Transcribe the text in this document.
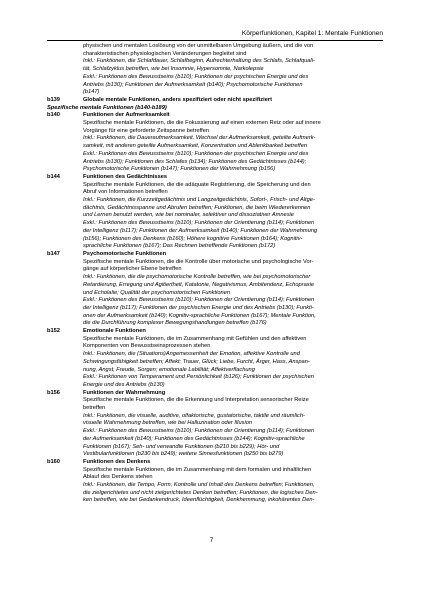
Körperfunktionen, Kapitel 1: Mentale Funktionen
physischen und mentalen Loslösung von der unmittelbaren Umgebung äußern, und die von
charakteristischen physiologischen Veränderungen begleitet sind
Inkl.: Funktionen, die Schlafdauer, Schlafbeginn, Aufrechterhaltung des Schlafs, Schlafquali-
tät, Schlafzyklus betreffen, wie bei Insomnie, Hypersomnie, Narkolepsie
Exkl.: Funktionen des Bewusstseins (b110); Funktionen der psychischen Energie und des
Antriebs (b130); Funktionen der Aufmerksamkeit (b140); Psychomotorische Funktionen
(b147)
b139	Globale mentale Funktionen, anders spezifiziert oder nicht spezifiziert
Spezifische mentale Funktionen (b140-b189)
b140	Funktionen der Aufmerksamkeit
Spezifische mentale Funktionen, die die Fokussierung auf einen externen Reiz oder auf innere
Vorgänge für eine geforderte Zeitspanne betreffen
Inkl.: Funktionen, die Daueraufmerksamkeit, Wechsel der Aufmerksamkeit, geteilte Aufmerk-
samkeit, mit anderen geteilte Aufmerksamkeit, Konzentration und Ablenkbarkeit betreffen
Exkl.: Funktionen des Bewusstseins (b110); Funktionen der psychischen Energie und des
Antriebs (b130); Funktionen des Schlafes (b134); Funktionen des Gedächtnisses (b144);
Psychomotorische Funktionen (b147); Funktionen der Wahrnehmung (b156)
b144	Funktionen des Gedächtnisses
Spezifische mentale Funktionen, die die adäquate Registrierung, die Speicherung und den
Abruf von Informationen betreffen
Inkl.: Funktionen, die Kurzzeitgedächtnis und Langzeitgedächtnis, Sofort-, Frisch- und Altge-
dächtnis, Gedächtnisspanne und Abrufen betreffen; Funktionen, die beim Wiedererkennen
und Lernen benutzt werden, wie bei nominaler, selektiver und dissoziativer Amnesie
Exkl.: Funktionen des Bewusstseins (b110); Funktionen der Orientierung (b114); Funktionen
der Intelligenz (b117); Funktionen der Aufmerksamkeit (b140); Funktionen der Wahrnehmung
(b156); Funktionen des Denkens (b160); Höhere kognitive Funktionen (b164); Kognitiv-
sprachliche Funktionen (b167); Das Rechnen betreffende Funktionen (b172)
b147	Psychomotorische Funktionen
Spezifische mentale Funktionen, die die Kontrolle über motorische und psychologische Vor-
gänge auf körperlicher Ebene betreffen
Inkl.: Funktionen, die die psychomotorische Kontrolle betreffen, wie bei psychomotorischer
Retardierung, Erregung und Agitiertheit, Katatonie, Negativismus, Ambitendenz, Echopraxie
und Echolalie; Qualität der psychomotorischen Funktionen
Exkl.: Funktionen des Bewusstseins (b110); Funktionen der Orientierung (b114); Funktionen
der Intelligenz (b117); Funktionen der psychischen Energie und des Antriebs (b130); Funkti-
onen der Aufmerksamkeit (b140); Kognitiv-sprachliche Funktionen (b167); Mentale Funktion,
die die Durchführung komplexer Bewegungshandlungen betreffen (b176)
b152	Emotionale Funktionen
Spezifische mentale Funktionen, die im Zusammenhang mit Gefühlen und den affektiven
Komponenten von Bewusstseinsprozessen stehen
Inkl.: Funktionen, die (Situations)Angemessenheit der Emotion, affektive Kontrolle und
Schwingungsfähigkeit betreffen; Affekt; Trauer, Glück; Liebe, Furcht, Ärger, Hass, Anspan-
nung, Angst, Freude, Sorgen; emotionale Labilität; Affektverflachung
Exkl.: Funktionen von Temperament und Persönlichkeit (b126); Funktionen der psychischen
Energie und des Antriebs (b130)
b156	Funktionen der Wahrnehmung
Spezifische mentale Funktionen, die die Erkennung und Interpretation sensorischer Reize
betreffen
Inkl.: Funktionen, die visuelle, auditive, olfaktorische, gustatorische, taktile und räumlich-
visuelle Wahrnehmung betreffen, wie bei Halluzination oder Illusion
Exkl.: Funktionen des Bewusstseins (b110); Funktionen der Orientierung (b114); Funktionen
der Aufmerksamkeit (b140); Funktionen des Gedächtnisses (b144); Kognitiv-sprachliche
Funktionen (b167); Seh- und verwandte Funktionen (b210 bis b229); Hör- und
Vestibularfunktionen (b230 bis b249); weitere Sinnesfunktionen (b250 bis b279)
b160	Funktionen des Denkens
Spezifische mentale Funktionen, die im Zusammenhang mit dem formalen und inhaltlichen
Ablauf des Denkens stehen
Inkl.: Funktionen, die Tempo, Form, Kontrolle und Inhalt des Denkens betreffen; Funktionen,
die zielgerichtetes und nicht zielgerichtetes Denken betreffen; Funktionen, die logisches Den-
ken betreffen, wie bei Gedankendruck, Ideenflüchtigkeit, Denkhemmung, inkohärentes Den-
7
